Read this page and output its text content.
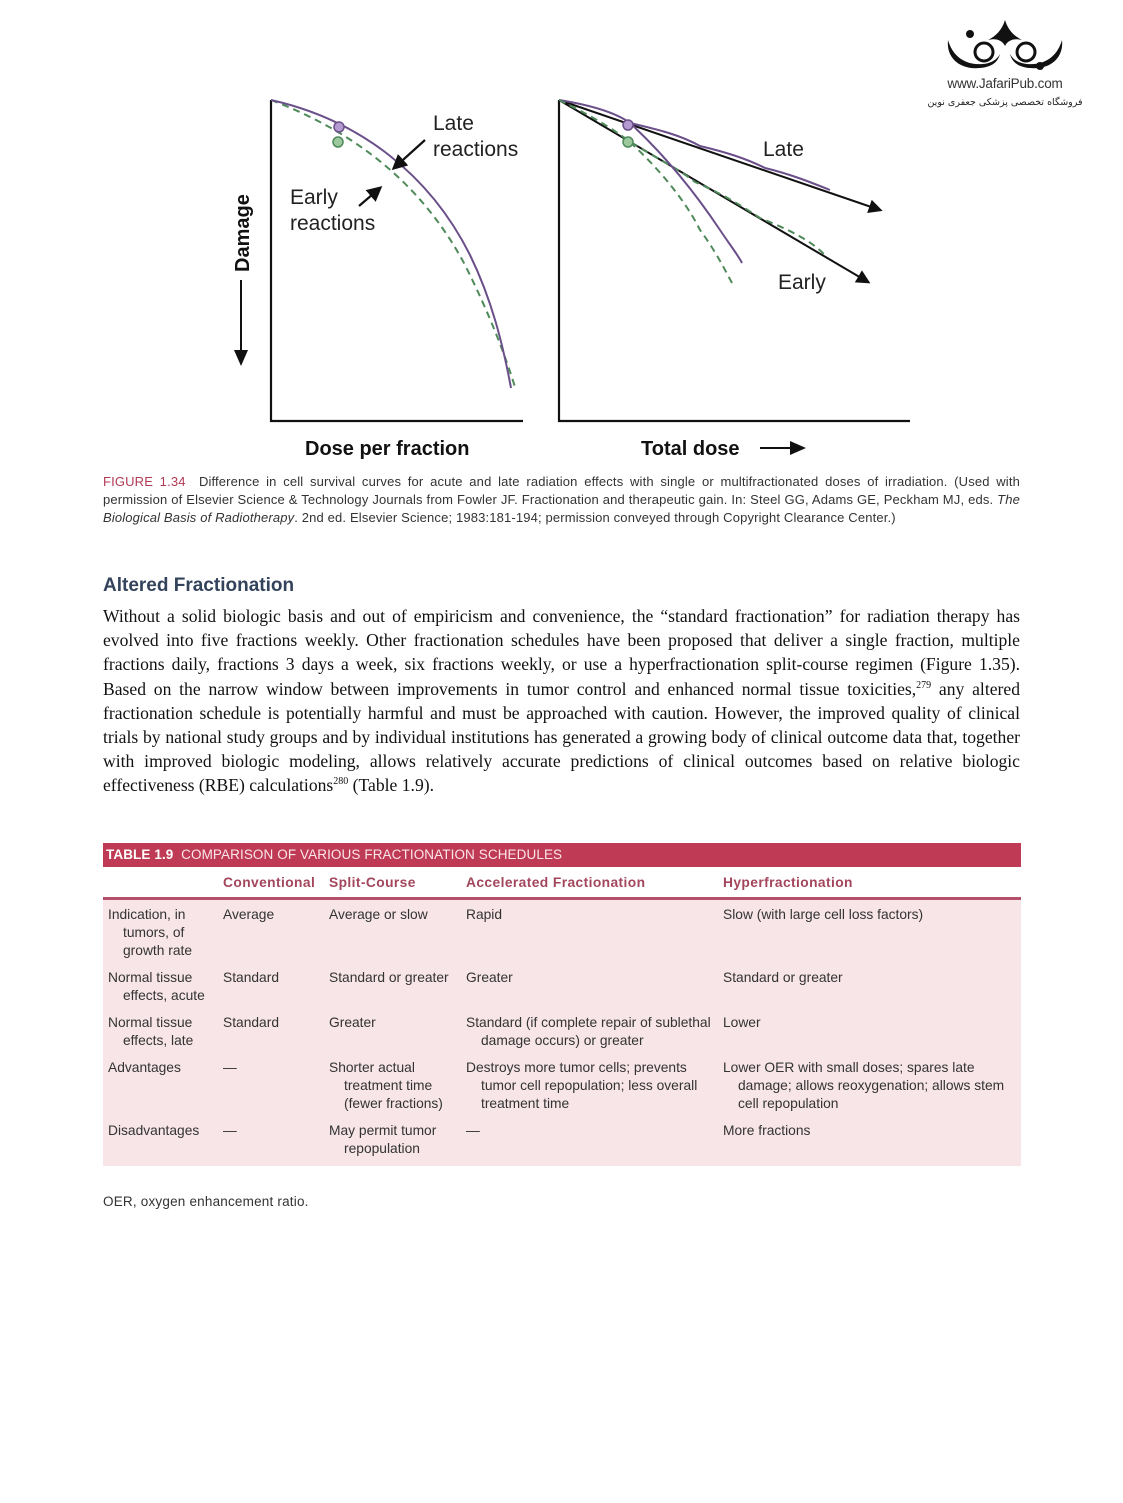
www.JafariPub.com
فروشگاه تخصصی پزشکی جعفری نوین
Late
reactions
Early
reactions
Damage
Dose per fraction
Late
Early
Total dose
FIGURE 1.34 Difference in cell survival curves for acute and late radiation effects with single or multifractionated doses of irradiation. (Used with permission of Elsevier Science & Technology Journals from Fowler JF. Fractionation and therapeutic gain. In: Steel GG, Adams GE, Peckham MJ, eds. The Biological Basis of Radiotherapy. 2nd ed. Elsevier Science; 1983:181-194; permission conveyed through Copyright Clearance Center.)
Altered Fractionation
Without a solid biologic basis and out of empiricism and convenience, the “standard fractionation” for radiation therapy has evolved into five fractions weekly. Other fractionation schedules have been proposed that deliver a single fraction, multiple fractions daily, fractions 3 days a week, six fractions weekly, or use a hyperfractionation split-course regimen (Figure 1.35). Based on the narrow window between improvements in tumor control and enhanced normal tissue toxicities,$^{279}$ any altered fractionation schedule is potentially harmful and must be approached with caution. However, the improved quality of clinical trials by national study groups and by individual institutions has generated a growing body of clinical outcome data that, together with improved biologic modeling, allows relatively accurate predictions of clinical outcomes based on relative biologic effectiveness (RBE) calculations$^{280}$ (Table 1.9).
TABLE 1.9 COMPARISON OF VARIOUS FRACTIONATION SCHEDULES
	Conventional	Split-Course	Accelerated Fractionation	Hyperfractionation

Indication, in tumors, of growth rate	Average	Average or slow	Rapid	Slow (with large cell loss factors)

Normal tissue effects, acute	Standard	Standard or greater	Greater	Standard or greater

Normal tissue effects, late	Standard	Greater	Standard (if complete repair of sublethal damage occurs) or greater	Lower

Advantages	—	Shorter actual treatment time (fewer fractions)	Destroys more tumor cells; prevents tumor cell repopulation; less overall treatment time	Lower OER with small doses; spares late damage; allows reoxygenation; allows stem cell repopulation

Disadvantages	—	May permit tumor repopulation	—	More fractions
OER, oxygen enhancement ratio.
